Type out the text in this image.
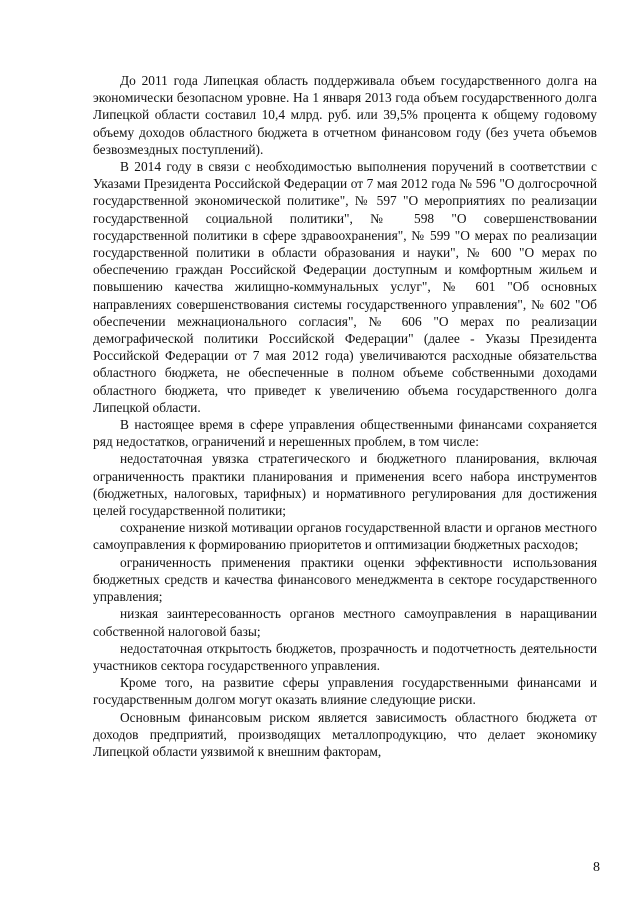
До 2011 года Липецкая область поддерживала объем государственного долга на экономически безопасном уровне. На 1 января 2013 года объем государственного долга Липецкой области составил 10,4 млрд. руб. или 39,5% процента к общему годовому объему доходов областного бюджета в отчетном финансовом году (без учета объемов безвозмездных поступлений).

В 2014 году в связи с необходимостью выполнения поручений в соответствии с Указами Президента Российской Федерации от 7 мая 2012 года № 596 "О долгосрочной государственной экономической политике", № 597 "О мероприятиях по реализации государственной социальной политики", № 598 "О совершенствовании государственной политики в сфере здравоохранения", № 599 "О мерах по реализации государственной политики в области образования и науки", № 600 "О мерах по обеспечению граждан Российской Федерации доступным и комфортным жильем и повышению качества жилищно-коммунальных услуг", № 601 "Об основных направлениях совершенствования системы государственного управления", № 602 "Об обеспечении межнационального согласия", № 606 "О мерах по реализации демографической политики Российской Федерации" (далее - Указы Президента Российской Федерации от 7 мая 2012 года) увеличиваются расходные обязательства областного бюджета, не обеспеченные в полном объеме собственными доходами областного бюджета, что приведет к увеличению объема государственного долга Липецкой области.

В настоящее время в сфере управления общественными финансами сохраняется ряд недостатков, ограничений и нерешенных проблем, в том числе:

недостаточная увязка стратегического и бюджетного планирования, включая ограниченность практики планирования и применения всего набора инструментов (бюджетных, налоговых, тарифных) и нормативного регулирования для достижения целей государственной политики;

сохранение низкой мотивации органов государственной власти и органов местного самоуправления к формированию приоритетов и оптимизации бюджетных расходов;

ограниченность применения практики оценки эффективности использования бюджетных средств и качества финансового менеджмента в секторе государственного управления;

низкая заинтересованность органов местного самоуправления в наращивании собственной налоговой базы;

недостаточная открытость бюджетов, прозрачность и подотчетность деятельности участников сектора государственного управления.

Кроме того, на развитие сферы управления государственными финансами и государственным долгом могут оказать влияние следующие риски.

Основным финансовым риском является зависимость областного бюджета от доходов предприятий, производящих металлопродукцию, что делает экономику Липецкой области уязвимой к внешним факторам,

8
